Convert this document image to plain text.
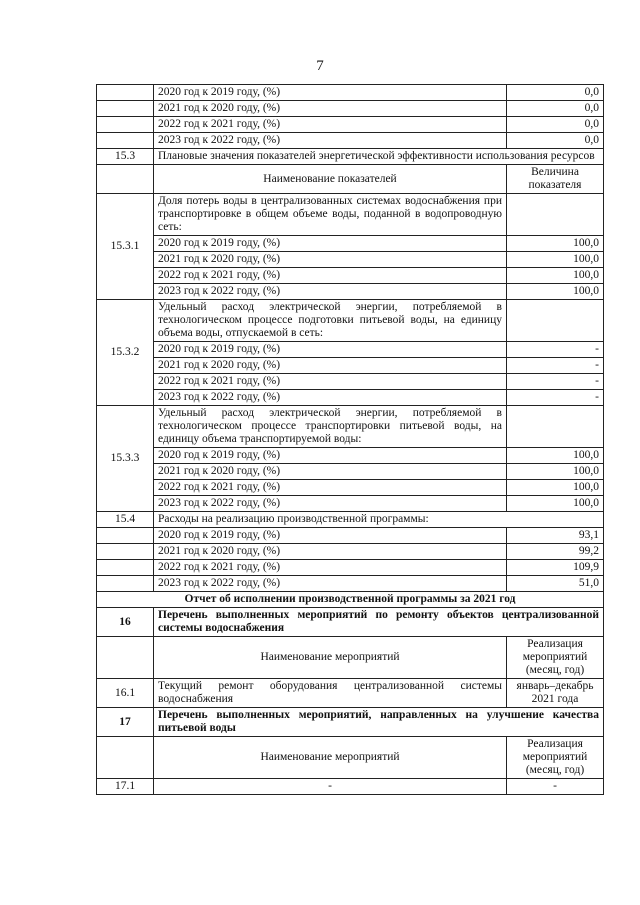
7
	2020 год к 2019 году, (%)	0,0
	2021 год к 2020 году, (%)	0,0
	2022 год к 2021 году, (%)	0,0
	2023 год к 2022 году, (%)	0,0
15.3	Плановые значения показателей энергетической эффективности использования ресурсов	
	Наименование показателей	Величина показателя
15.3.1	Доля потерь воды в централизованных системах водоснабжения при транспортировке в общем объеме воды, поданной в водопроводную сеть:	
	2020 год к 2019 году, (%)	100,0
	2021 год к 2020 году, (%)	100,0
	2022 год к 2021 году, (%)	100,0
	2023 год к 2022 году, (%)	100,0
15.3.2	Удельный расход электрической энергии, потребляемой в технологическом процессе подготовки питьевой воды, на единицу объема воды, отпускаемой в сеть:	
	2020 год к 2019 году, (%)	-
	2021 год к 2020 году, (%)	-
	2022 год к 2021 году, (%)	-
	2023 год к 2022 году, (%)	-
15.3.3	Удельный расход электрической энергии, потребляемой в технологическом процессе транспортировки питьевой воды, на единицу объема транспортируемой воды:	
	2020 год к 2019 году, (%)	100,0
	2021 год к 2020 году, (%)	100,0
	2022 год к 2021 году, (%)	100,0
	2023 год к 2022 году, (%)	100,0
15.4	Расходы на реализацию производственной программы:	
	2020 год к 2019 году, (%)	93,1
	2021 год к 2020 году, (%)	99,2
	2022 год к 2021 году, (%)	109,9
	2023 год к 2022 году, (%)	51,0
Отчет об исполнении производственной программы за 2021 год		
16	Перечень выполненных мероприятий по ремонту объектов централизованной системы водоснабжения	
	Наименование мероприятий	Реализация мероприятий (месяц, год)
16.1	Текущий ремонт оборудования централизованной системы водоснабжения	январь–декабрь 2021 года
17	Перечень выполненных мероприятий, направленных на улучшение качества питьевой воды	
	Наименование мероприятий	Реализация мероприятий (месяц, год)
17.1	-	-
